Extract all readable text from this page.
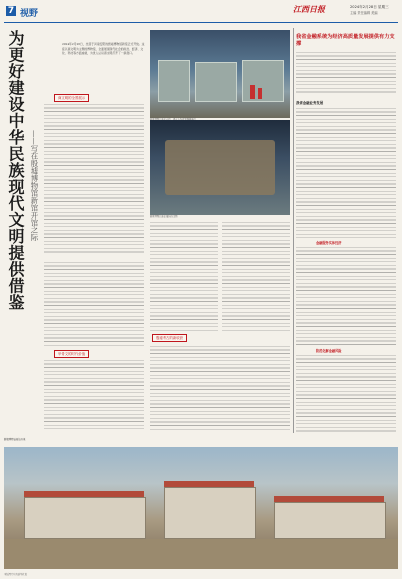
7 视野	江西日报	2024年2月28日 星期三
主编 责任编辑 美编
为更好建设中华民族现代文明提供借鉴 ——写在殷墟博物馆新馆开馆之际
2024年2月26日，坐落于河南安阳的殷墟博物馆新馆正式开放。这座以商文明为主题的博物馆，全面展现商代社会的政治、经济、文化、科技等方面成就，为世人认识商文明打开了一扇窗口。
商文明的全景展示
甲骨文的时代价值
殷墟考古的新收获
殷墟博物馆新馆展出的文物
我省金融系统为经济高质量发展提供有力支撑
我省金融业务发展
金融服务实体经济
防范化解金融风险
殷墟博物馆新馆外景
本版图片均为新华社发
